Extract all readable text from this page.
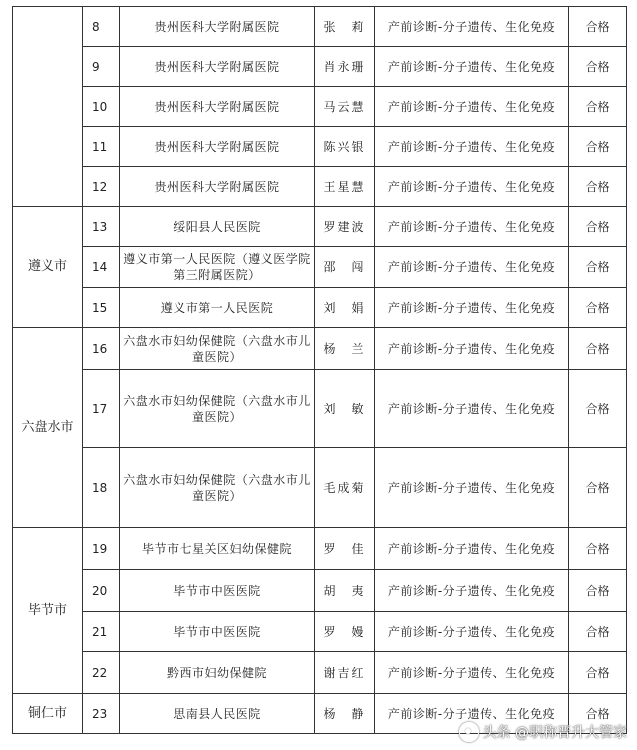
	8	贵州医科大学附属医院	张　莉	产前诊断-分子遗传、生化免疫	合格
	9	贵州医科大学附属医院	肖永珊	产前诊断-分子遗传、生化免疫	合格
	10	贵州医科大学附属医院	马云慧	产前诊断-分子遗传、生化免疫	合格
	11	贵州医科大学附属医院	陈兴银	产前诊断-分子遗传、生化免疫	合格
	12	贵州医科大学附属医院	王星慧	产前诊断-分子遗传、生化免疫	合格
遵义市	13	绥阳县人民医院	罗建波	产前诊断-分子遗传、生化免疫	合格
	14	遵义市第一人民医院（遵义医学院第三附属医院）	邵　闯	产前诊断-分子遗传、生化免疫	合格
	15	遵义市第一人民医院	刘　娟	产前诊断-分子遗传、生化免疫	合格
六盘水市	16	六盘水市妇幼保健院（六盘水市儿童医院）	杨　兰	产前诊断-分子遗传、生化免疫	合格
	17	六盘水市妇幼保健院（六盘水市儿童医院）	刘　敏	产前诊断-分子遗传、生化免疫	合格
	18	六盘水市妇幼保健院（六盘水市儿童医院）	毛成菊	产前诊断-分子遗传、生化免疫	合格
毕节市	19	毕节市七星关区妇幼保健院	罗　佳	产前诊断-分子遗传、生化免疫	合格
	20	毕节市中医医院	胡　夷	产前诊断-分子遗传、生化免疫	合格
	21	毕节市中医医院	罗　嫚	产前诊断-分子遗传、生化免疫	合格
	22	黔西市妇幼保健院	谢吉红	产前诊断-分子遗传、生化免疫	合格
铜仁市	23	思南县人民医院	杨　静	产前诊断-分子遗传、生化免疫	合格
头条 @职称晋升大管家
